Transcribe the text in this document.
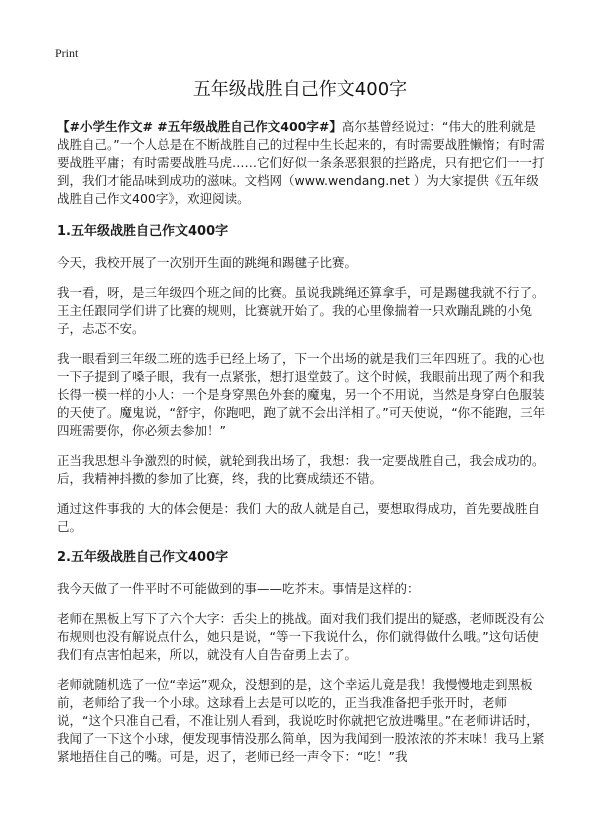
Print
五年级战胜自己作文400字

【#小学生作文# #五年级战胜自己作文400字#】高尔基曾经说过：“伟大的胜利就是战胜自己。”一个人总是在不断战胜自己的过程中生长起来的，有时需要战胜懒惰；有时需要战胜平庸；有时需要战胜马虎……它们好似一条条恶狠狠的拦路虎，只有把它们一一打到，我们才能品味到成功的滋味。文档网（www.wendang.net ）为大家提供《五年级战胜自己作文400字》，欢迎阅读。

1.五年级战胜自己作文400字

今天，我校开展了一次别开生面的跳绳和踢毽子比赛。

我一看，呀，是三年级四个班之间的比赛。虽说我跳绳还算拿手，可是踢毽我就不行了。王主任跟同学们讲了比赛的规则，比赛就开始了。我的心里像揣着一只欢蹦乱跳的小兔子，忐忑不安。

我一眼看到三年级二班的选手已经上场了，下一个出场的就是我们三年四班了。我的心也一下子提到了嗓子眼，我有一点紧张，想打退堂鼓了。这个时候，我眼前出现了两个和我长得一模一样的小人：一个是身穿黑色外套的魔鬼，另一个不用说，当然是身穿白色服装的天使了。魔鬼说，“舒宇，你跑吧，跑了就不会出洋相了。”可天使说，“你不能跑，三年四班需要你，你必须去参加！”

正当我思想斗争激烈的时候，就轮到我出场了，我想：我一定要战胜自己，我会成功的。后，我精神抖擞的参加了比赛，终，我的比赛成绩还不错。

通过这件事我的 大的体会便是：我们 大的敌人就是自己，要想取得成功，首先要战胜自己。

2.五年级战胜自己作文400字

我今天做了一件平时不可能做到的事——吃芥末。事情是这样的：

老师在黑板上写下了六个大字：舌尖上的挑战。面对我们我们提出的疑惑，老师既没有公布规则也没有解说点什么，她只是说，“等一下我说什么，你们就得做什么哦。”这句话使我们有点害怕起来，所以，就没有人自告奋勇上去了。

老师就随机选了一位“幸运”观众，没想到的是，这个幸运儿竟是我！我慢慢地走到黑板前，老师给了我一个小球。这球看上去是可以吃的，正当我准备把手张开时，老师说，“这个只准自己看，不准让别人看到，我说吃时你就把它放进嘴里。”在老师讲话时，我闻了一下这个小球，便发现事情没那么简单，因为我闻到一股浓浓的芥末味！我马上紧紧地捂住自己的嘴。可是，迟了，老师已经一声令下：“吃！”我
